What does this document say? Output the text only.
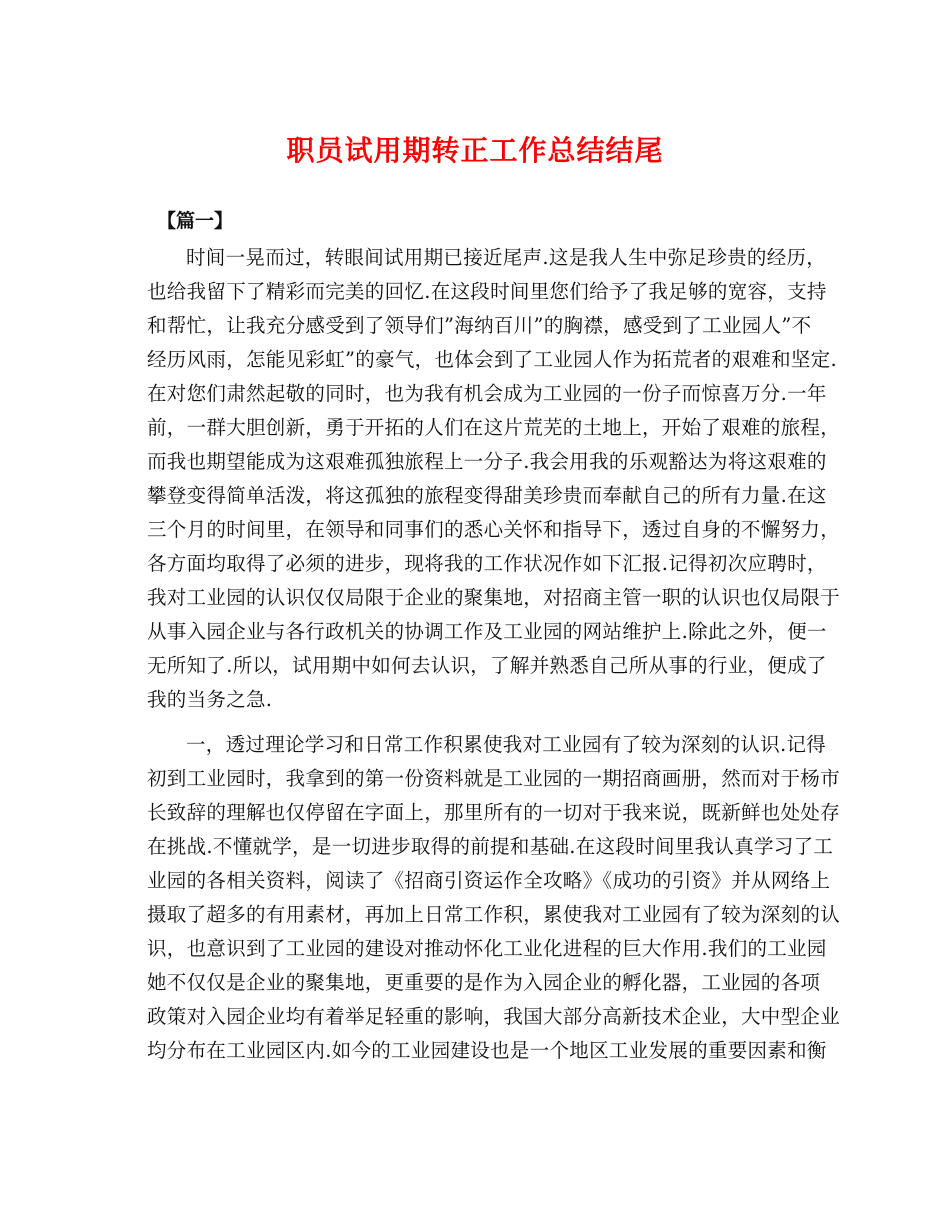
职员试用期转正工作总结结尾
【篇一】
时间一晃而过，转眼间试用期已接近尾声.这是我人生中弥足珍贵的经历，
也给我留下了精彩而完美的回忆.在这段时间里您们给予了我足够的宽容，支持
和帮忙，让我充分感受到了领导们”海纳百川”的胸襟，感受到了工业园人”不
经历风雨，怎能见彩虹”的豪气，也体会到了工业园人作为拓荒者的艰难和坚定.
在对您们肃然起敬的同时，也为我有机会成为工业园的一份子而惊喜万分.一年
前，一群大胆创新，勇于开拓的人们在这片荒芜的土地上，开始了艰难的旅程，
而我也期望能成为这艰难孤独旅程上一分子.我会用我的乐观豁达为将这艰难的
攀登变得简单活泼，将这孤独的旅程变得甜美珍贵而奉献自己的所有力量.在这
三个月的时间里，在领导和同事们的悉心关怀和指导下，透过自身的不懈努力，
各方面均取得了必须的进步，现将我的工作状况作如下汇报.记得初次应聘时，
我对工业园的认识仅仅局限于企业的聚集地，对招商主管一职的认识也仅局限于
从事入园企业与各行政机关的协调工作及工业园的网站维护上.除此之外，便一
无所知了.所以，试用期中如何去认识，了解并熟悉自己所从事的行业，便成了
我的当务之急.
一，透过理论学习和日常工作积累使我对工业园有了较为深刻的认识.记得
初到工业园时，我拿到的第一份资料就是工业园的一期招商画册，然而对于杨市
长致辞的理解也仅停留在字面上，那里所有的一切对于我来说，既新鲜也处处存
在挑战.不懂就学，是一切进步取得的前提和基础.在这段时间里我认真学习了工
业园的各相关资料，阅读了《招商引资运作全攻略》《成功的引资》并从网络上
摄取了超多的有用素材，再加上日常工作积，累使我对工业园有了较为深刻的认
识，也意识到了工业园的建设对推动怀化工业化进程的巨大作用.我们的工业园
她不仅仅是企业的聚集地，更重要的是作为入园企业的孵化器，工业园的各项
政策对入园企业均有着举足轻重的影响，我国大部分高新技术企业，大中型企业
均分布在工业园区内.如今的工业园建设也是一个地区工业发展的重要因素和衡
